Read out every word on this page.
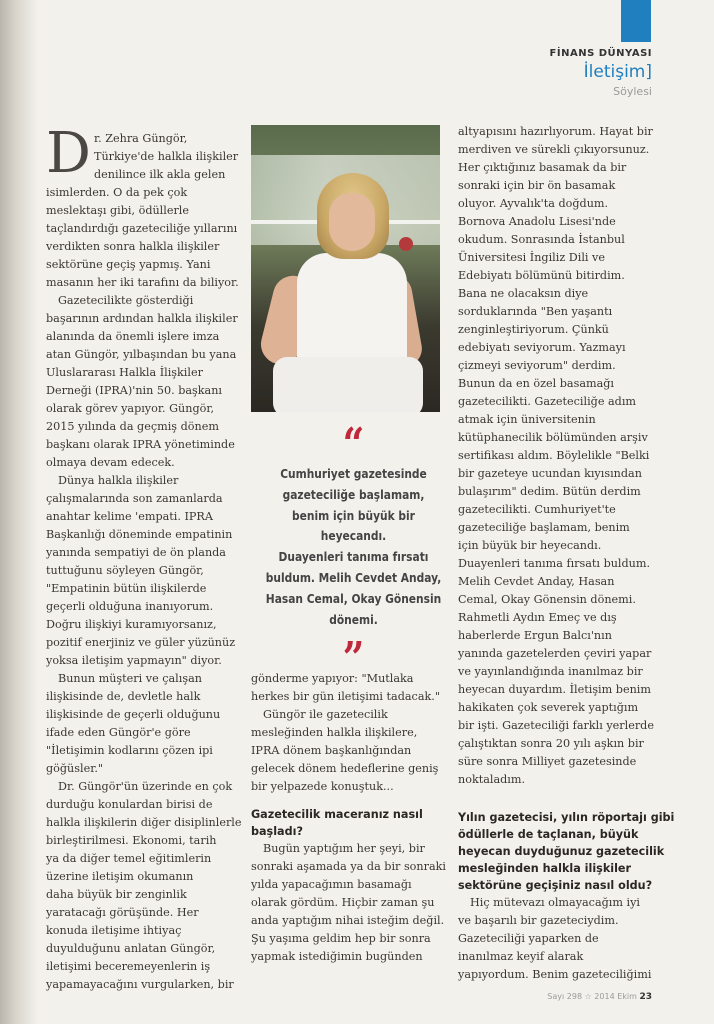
FİNANS DÜNYASI
İletişim]
Söylesi
D r. Zehra Güngör,

Türkiye'de halkla ilişkiler

denilince ilk akla gelen

isimlerden. O da pek çok

meslektaşı gibi, ödüllerle

taçlandırdığı gazeteciliğe yıllarını

verdikten sonra halkla ilişkiler

sektörüne geçiş yapmış. Yani

masanın her iki tarafını da biliyor.

Gazetecilikte gösterdiği

başarının ardından halkla ilişkiler

alanında da önemli işlere imza

atan Güngör, yılbaşından bu yana

Uluslararası Halkla İlişkiler

Derneği (IPRA)'nin 50. başkanı

olarak görev yapıyor. Güngör,

2015 yılında da geçmiş dönem

başkanı olarak IPRA yönetiminde

olmaya devam edecek.

Dünya halkla ilişkiler

çalışmalarında son zamanlarda

anahtar kelime 'empati. IPRA

Başkanlığı döneminde empatinin

yanında sempatiyi de ön planda

tuttuğunu söyleyen Güngör,

"Empatinin bütün ilişkilerde

geçerli olduğuna inanıyorum.

Doğru ilişkiyi kuramıyorsanız,

pozitif enerjiniz ve güler yüzünüz

yoksa iletişim yapmayın" diyor.

Bunun müşteri ve çalışan

ilişkisinde de, devletle halk

ilişkisinde de geçerli olduğunu

ifade eden Güngör'e göre

"İletişimin kodlarını çözen ipi

göğüsler."

Dr. Güngör'ün üzerinde en çok

durduğu konulardan birisi de

halkla ilişkilerin diğer disiplinlerle

birleştirilmesi. Ekonomi, tarih

ya da diğer temel eğitimlerin

üzerine iletişim okumanın

daha büyük bir zenginlik

yaratacağı görüşünde. Her

konuda iletişime ihtiyaç

duyulduğunu anlatan Güngör,

iletişimi beceremeyenlerin iş

yapamayacağını vurgularken, bir

“
Cumhuriyet gazetesinde
gazeteciliğe başlamam,
benim için büyük bir heyecandı.
Duayenleri tanıma fırsatı
buldum. Melih Cevdet Anday,
Hasan Cemal, Okay Gönensin
dönemi.
”

gönderme yapıyor: "Mutlaka

herkes bir gün iletişimi tadacak."

Güngör ile gazetecilik

mesleğinden halkla ilişkilere,

IPRA dönem başkanlığından

gelecek dönem hedeflerine geniş

bir yelpazede konuştuk...

Gazetecilik maceranız nasıl
başladı?

Bugün yaptığım her şeyi, bir

sonraki aşamada ya da bir sonraki

yılda yapacağımın basamağı

olarak gördüm. Hiçbir zaman şu

anda yaptığım nihai isteğim değil.

Şu yaşıma geldim hep bir sonra

yapmak istediğimin bugünden

altyapısını hazırlıyorum. Hayat bir

merdiven ve sürekli çıkıyorsunuz.

Her çıktığınız basamak da bir

sonraki için bir ön basamak

oluyor. Ayvalık'ta doğdum.

Bornova Anadolu Lisesi'nde

okudum. Sonrasında İstanbul

Üniversitesi İngiliz Dili ve

Edebiyatı bölümünü bitirdim.

Bana ne olacaksın diye

sorduklarında "Ben yaşantı

zenginleştiriyorum. Çünkü

edebiyatı seviyorum. Yazmayı

çizmeyi seviyorum" derdim.

Bunun da en özel basamağı

gazetecilikti. Gazeteciliğe adım

atmak için üniversitenin

kütüphanecilik bölümünden arşiv

sertifikası aldım. Böylelikle "Belki

bir gazeteye ucundan kıyısından

bulaşırım" dedim. Bütün derdim

gazetecilikti. Cumhuriyet'te

gazeteciliğe başlamam, benim

için büyük bir heyecandı.

Duayenleri tanıma fırsatı buldum.

Melih Cevdet Anday, Hasan

Cemal, Okay Gönensin dönemi.

Rahmetli Aydın Emeç ve dış

haberlerde Ergun Balcı'nın

yanında gazetelerden çeviri yapar

ve yayınlandığında inanılmaz bir

heyecan duyardım. İletişim benim

hakikaten çok severek yaptığım

bir işti. Gazeteciliği farklı yerlerde

çalıştıktan sonra 20 yılı aşkın bir

süre sonra Milliyet gazetesinde

noktaladım.

Yılın gazetecisi, yılın röportajı gibi
ödüllerle de taçlanan, büyük
heyecan duyduğunuz gazetecilik
mesleğinden halkla ilişkiler
sektörüne geçişiniz nasıl oldu?

Hiç mütevazı olmayacağım iyi

ve başarılı bir gazeteciydim.

Gazeteciliği yaparken de

inanılmaz keyif alarak

yapıyordum. Benim gazeteciliğimi

Sayı 298 ☆ 2014 Ekim 23
